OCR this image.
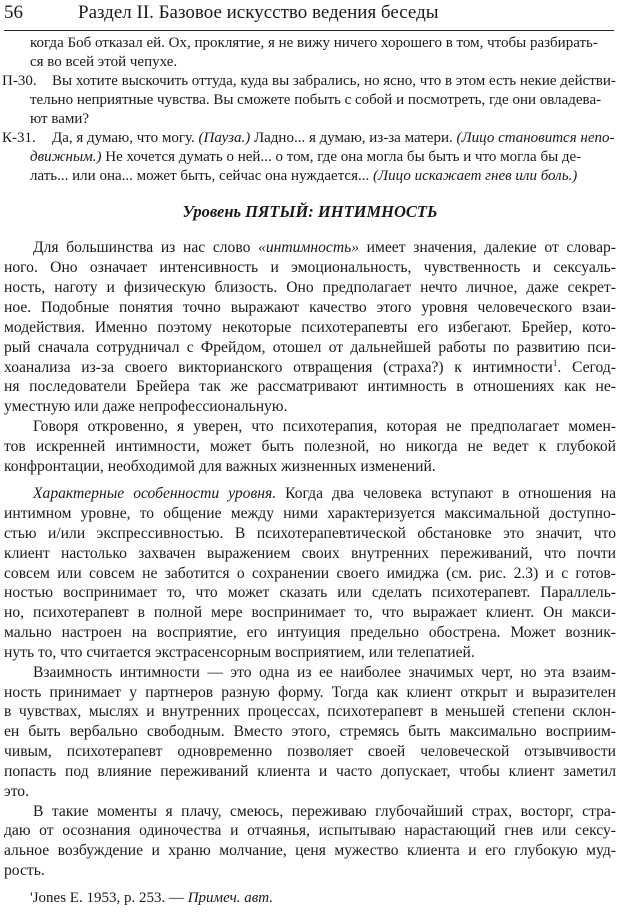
56	Раздел II. Базовое искусство ведения беседы
когда Боб отказал ей. Ох, проклятие, я не вижу ничего хорошего в том, чтобы разбирать-
ся во всей этой чепухе.
П-30. Вы хотите выскочить оттуда, куда вы забрались, но ясно, что в этом есть некие действи-
тельно неприятные чувства. Вы сможете побыть с собой и посмотреть, где они овладева-
ют вами?
К-31. Да, я думаю, что могу. (Пауза.) Ладно... я думаю, из-за матери. (Лицо становится непо-
движным.) Не хочется думать о ней... о том, где она могла бы быть и что могла бы де-
лать... или она... может быть, сейчас она нуждается... (Лицо искажает гнев или боль.)
Уровень ПЯТЫЙ: ИНТИМНОСТЬ
Для большинства из нас слово «интимность» имеет значения, далекие от словар-
ного. Оно означает интенсивность и эмоциональность, чувственность и сексуаль-
ность, наготу и физическую близость. Оно предполагает нечто личное, даже секрет-
ное. Подобные понятия точно выражают качество этого уровня человеческого взаи-
модействия. Именно поэтому некоторые психотерапевты его избегают. Брейер, кото-
рый сначала сотрудничал с Фрейдом, отошел от дальнейшей работы по развитию пси-
хоанализа из-за своего викторианского отвращения (страха?) к интимности$^1$. Сегод-
ня последователи Брейера так же рассматривают интимность в отношениях как не-
уместную или даже непрофессиональную.
Говоря откровенно, я уверен, что психотерапия, которая не предполагает момен-
тов искренней интимности, может быть полезной, но никогда не ведет к глубокой
конфронтации, необходимой для важных жизненных изменений.
Характерные особенности уровня. Когда два человека вступают в отношения на
интимном уровне, то общение между ними характеризуется максимальной доступно-
стью и/или экспрессивностью. В психотерапевтической обстановке это значит, что
клиент настолько захвачен выражением своих внутренних переживаний, что почти
совсем или совсем не заботится о сохранении своего имиджа (см. рис. 2.3) и с готов-
ностью воспринимает то, что может сказать или сделать психотерапевт. Параллель-
но, психотерапевт в полной мере воспринимает то, что выражает клиент. Он макси-
мально настроен на восприятие, его интуиция предельно обострена. Может возник-
нуть то, что считается экстрасенсорным восприятием, или телепатией.
Взаимность интимности — это одна из ее наиболее значимых черт, но эта взаим-
ность принимает у партнеров разную форму. Тогда как клиент открыт и выразителен
в чувствах, мыслях и внутренних процессах, психотерапевт в меньшей степени склон-
ен быть вербально свободным. Вместо этого, стремясь быть максимально восприим-
чивым, психотерапевт одновременно позволяет своей человеческой отзывчивости
попасть под влияние переживаний клиента и часто допускает, чтобы клиент заметил
это.
В такие моменты я плачу, смеюсь, переживаю глубочайший страх, восторг, стра-
даю от осознания одиночества и отчаянья, испытываю нарастающий гнев или сексу-
альное возбуждение и храню молчание, ценя мужество клиента и его глубокую муд-
рость.
'Jones E. 1953, p. 253. — Примеч. авт.
